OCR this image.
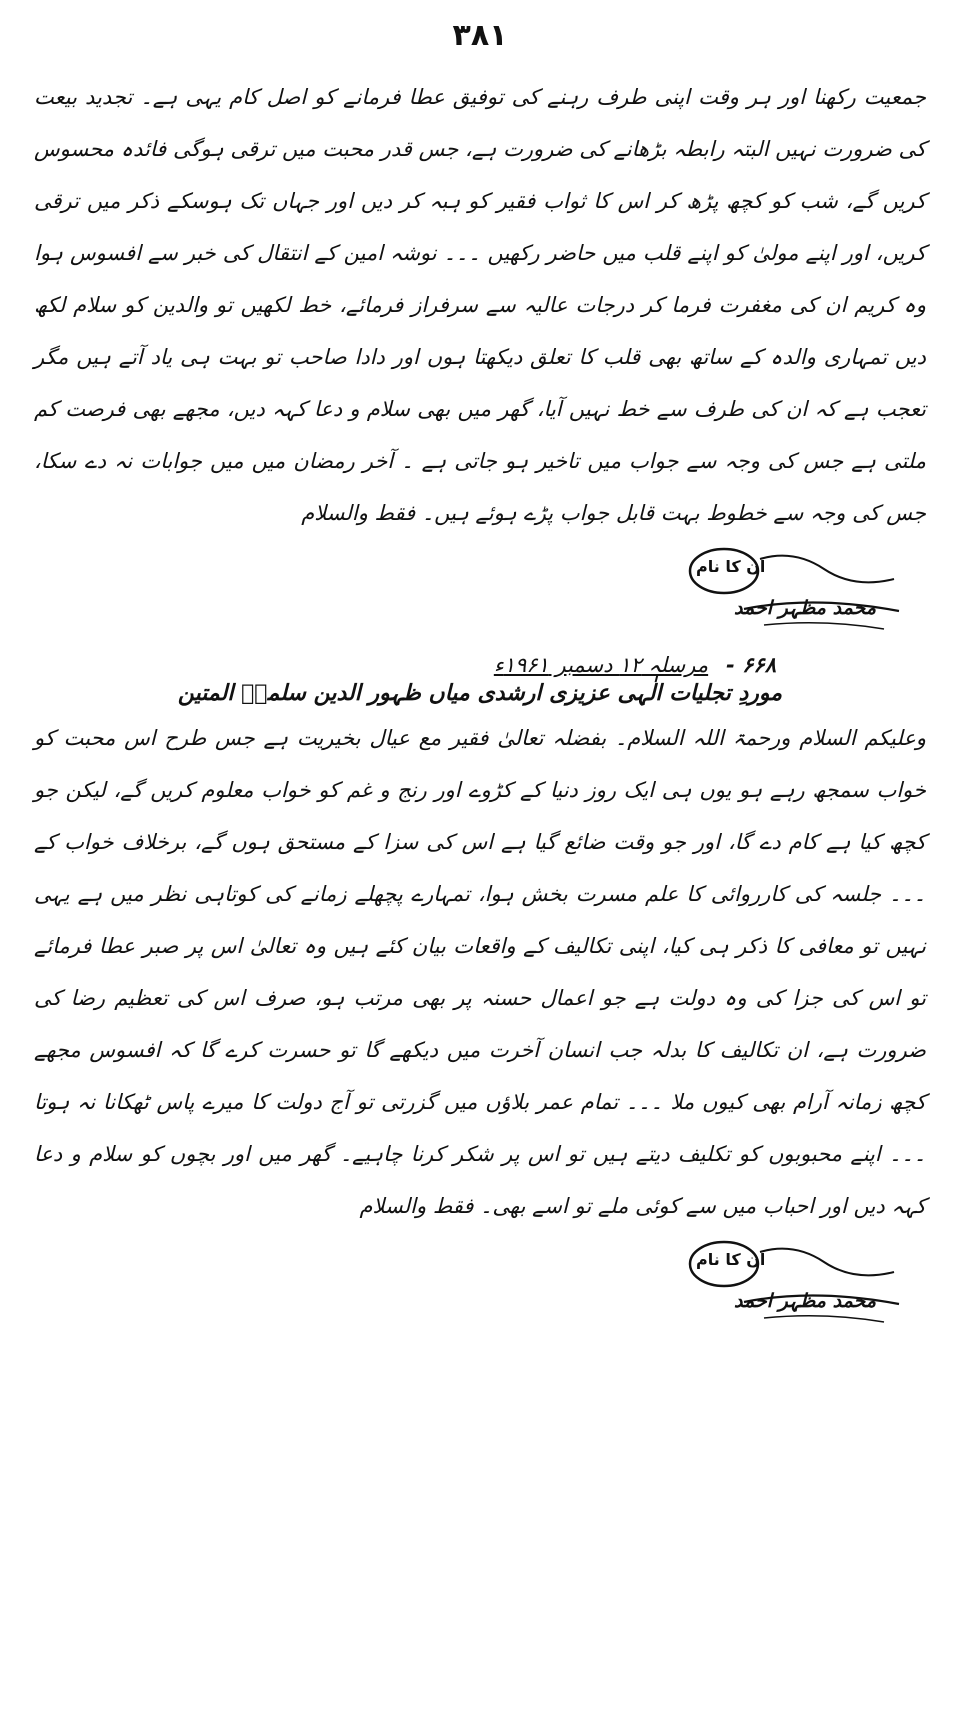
۳۸۱

جمعیت رکھنا اور ہر وقت اپنی طرف رہنے کی توفیق عطا فرمانے کو اصل کام یہی ہے۔ تجدید بیعت کی ضرورت نہیں البتہ رابطہ بڑھانے کی ضرورت ہے، جس قدر محبت میں ترقی ہوگی فائدہ محسوس کریں گے، شب کو کچھ پڑھ کر اس کا ثواب فقیر کو ہبہ کر دیں اور جہاں تک ہوسکے ذکر میں ترقی کریں، اور اپنے مولیٰ کو اپنے قلب میں حاضر رکھیں ۔۔۔ نوشہ امین کے انتقال کی خبر سے افسوس ہوا وہ کریم ان کی مغفرت فرما کر درجات عالیہ سے سرفراز فرمائے، خط لکھیں تو والدین کو سلام لکھ دیں تمہاری والدہ کے ساتھ بھی قلب کا تعلق دیکھتا ہوں اور دادا صاحب تو بہت ہی یاد آتے ہیں مگر تعجب ہے کہ ان کی طرف سے خط نہیں آیا، گھر میں بھی سلام و دعا کہہ دیں، مجھے بھی فرصت کم ملتی ہے جس کی وجہ سے جواب میں تاخیر ہو جاتی ہے ۔ آخر رمضان میں میں جوابات نہ دے سکا، جس کی وجہ سے خطوط بہت قابل جواب پڑے ہوئے ہیں۔ فقط والسلام

ان کا نام
محمد مظہر احمد
۶۶۸ -
مرسلہ ۱۲ دسمبر ۱۹۶۱ء
موردِ تجلیات الٰہی عزیزی ارشدی میاں ظہور الدین سلمہٗ المتین

وعلیکم السلام ورحمۃ اللہ السلام۔ بفضلہ تعالیٰ فقیر مع عیال بخیریت ہے جس طرح اس محبت کو خواب سمجھ رہے ہو یوں ہی ایک روز دنیا کے کڑوے اور رنج و غم کو خواب معلوم کریں گے، لیکن جو کچھ کیا ہے کام دے گا، اور جو وقت ضائع گیا ہے اس کی سزا کے مستحق ہوں گے، برخلاف خواب کے ۔۔۔ جلسہ کی کارروائی کا علم مسرت بخش ہوا، تمہارے پچھلے زمانے کی کوتاہی نظر میں ہے یہی نہیں تو معافی کا ذکر ہی کیا، اپنی تکالیف کے واقعات بیان کئے ہیں وہ تعالیٰ اس پر صبر عطا فرمائے تو اس کی جزا کی وہ دولت ہے جو اعمال حسنہ پر بھی مرتب ہو، صرف اس کی تعظیم رضا کی ضرورت ہے، ان تکالیف کا بدلہ جب انسان آخرت میں دیکھے گا تو حسرت کرے گا کہ افسوس مجھے کچھ زمانہ آرام بھی کیوں ملا ۔۔۔ تمام عمر بلاؤں میں گزرتی تو آج دولت کا میرے پاس ٹھکانا نہ ہوتا ۔۔۔ اپنے محبوبوں کو تکلیف دیتے ہیں تو اس پر شکر کرنا چاہیے۔ گھر میں اور بچوں کو سلام و دعا کہہ دیں اور احباب میں سے کوئی ملے تو اسے بھی۔ فقط والسلام

ان کا نام
محمد مظہر احمد
